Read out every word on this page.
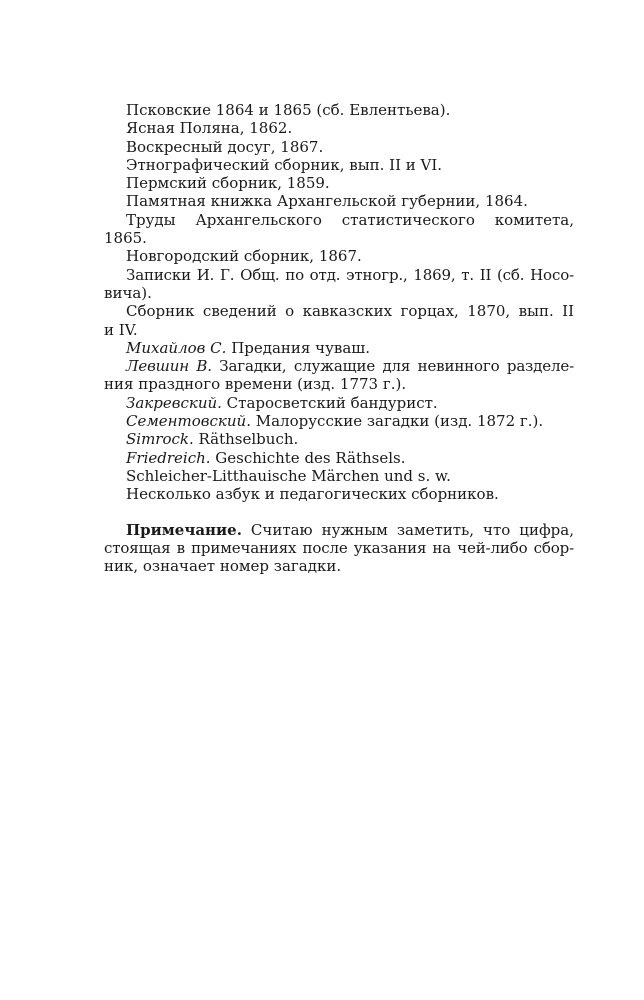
Псковские 1864 и 1865 (сб. Евлентьева).
Ясная Поляна, 1862.
Воскресный досуг, 1867.
Этнографический сборник, вып. II и VI.
Пермский сборник, 1859.
Памятная книжка Архангельской губернии, 1864.
Труды Архангельского статистического комитета,
1865.
Новгородский сборник, 1867.
Записки И. Г. Общ. по отд. этногр., 1869, т. II (сб. Носо-
вича).
Сборник сведений о кавказских горцах, 1870, вып. II
и IV.
Михайлов С. Предания чуваш.
Левшин В. Загадки, служащие для невинного разделе-
ния праздного времени (изд. 1773 г.).
Закревский. Старосветский бандурист.
Сементовский. Малорусские загадки (изд. 1872 г.).
Simrock. Räthselbuch.
Friedreich. Geschichte des Räthsels.
Schleicher-Litthauische Märchen und s. w.
Несколько азбук и педагогических сборников.
Примечание. Считаю нужным заметить, что цифра,
стоящая в примечаниях после указания на чей-либо сбор-
ник, означает номер загадки.
